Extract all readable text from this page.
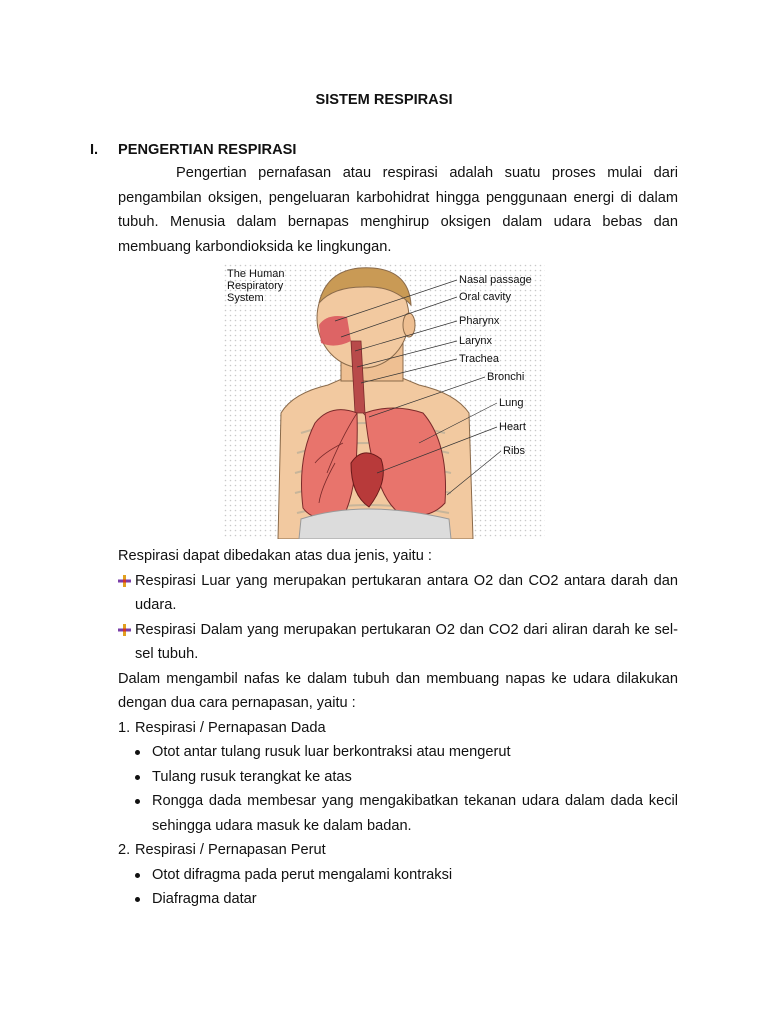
SISTEM RESPIRASI
I. PENGERTIAN RESPIRASI
Pengertian pernafasan atau respirasi adalah suatu proses mulai dari pengambilan oksigen, pengeluaran karbohidrat hingga penggunaan energi di dalam tubuh. Menusia dalam bernapas menghirup oksigen dalam udara bebas dan membuang karbondioksida ke lingkungan.
The Human Respiratory System
Nasal passage
Oral cavity
Pharynx
Larynx
Trachea
Bronchi
Lung
Heart
Ribs

Respirasi dapat dibedakan atas dua jenis, yaitu :

Respirasi Luar yang merupakan pertukaran antara O2 dan CO2 antara darah dan udara.
Respirasi Dalam yang merupakan pertukaran O2 dan CO2 dari aliran darah ke sel-sel tubuh.

Dalam mengambil nafas ke dalam tubuh dan membuang napas ke udara dilakukan dengan dua cara pernapasan, yaitu :

1. Respirasi / Pernapasan Dada
Otot antar tulang rusuk luar berkontraksi atau mengerut
Tulang rusuk terangkat ke atas
Rongga dada membesar yang mengakibatkan tekanan udara dalam dada kecil sehingga udara masuk ke dalam badan.
2. Respirasi / Pernapasan Perut
Otot difragma pada perut mengalami kontraksi
Diafragma datar
